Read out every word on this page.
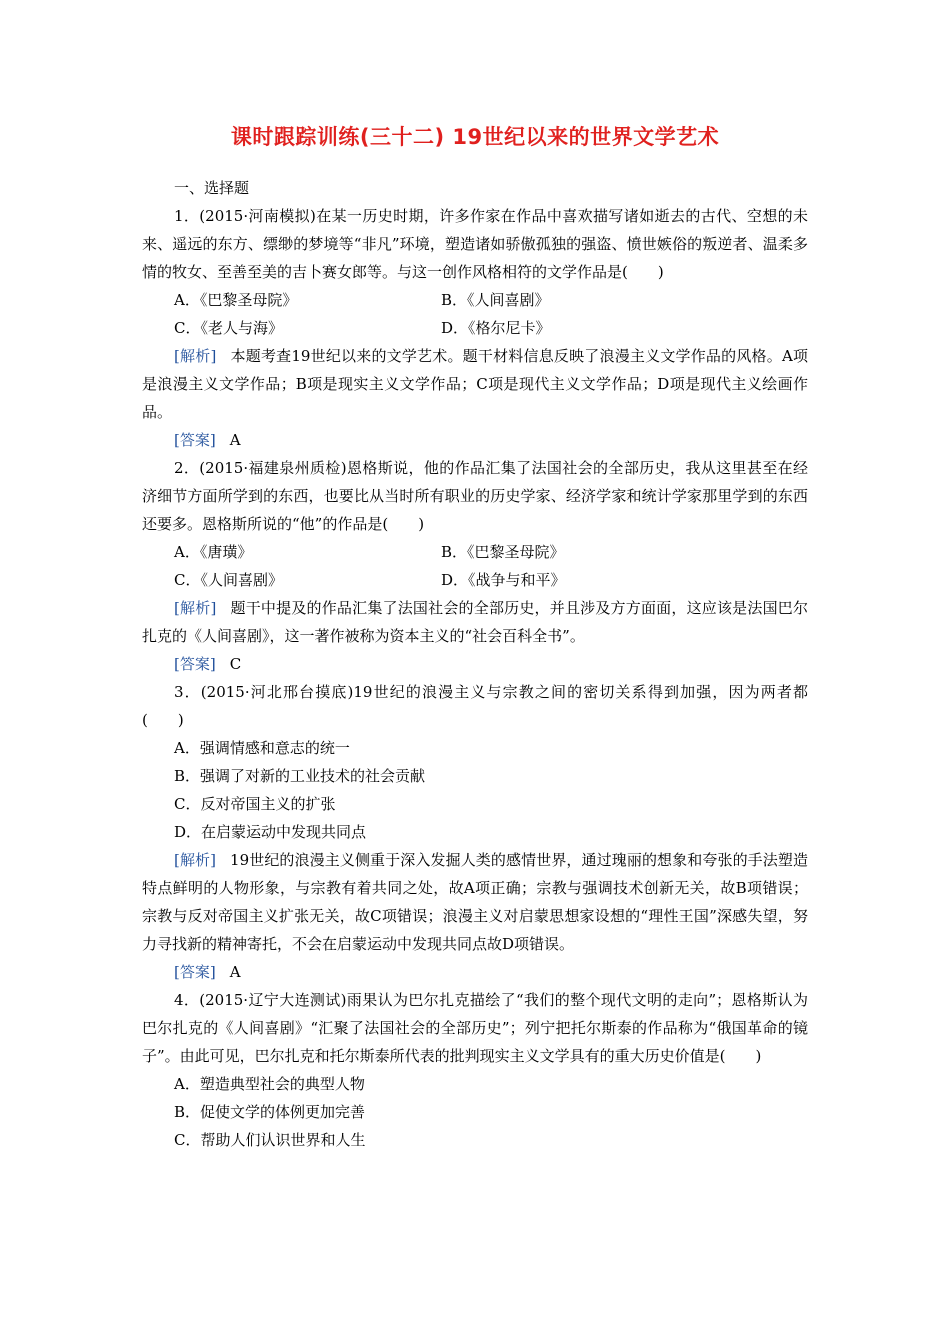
课时跟踪训练(三十二) 19世纪以来的世界文学艺术
一、选择题

1．(2015·河南模拟)在某一历史时期，许多作家在作品中喜欢描写诸如逝去的古代、空想的未来、遥远的东方、缥缈的梦境等“非凡”环境，塑造诸如骄傲孤独的强盗、愤世嫉俗的叛逆者、温柔多情的牧女、至善至美的吉卜赛女郎等。与这一创作风格相符的文学作品是(　　)

A．《巴黎圣母院》	B．《人间喜剧》
C．《老人与海》	D．《格尔尼卡》

[解析] 本题考查19世纪以来的文学艺术。题干材料信息反映了浪漫主义文学作品的风格。A项是浪漫主义文学作品；B项是现实主义文学作品；C项是现代主义文学作品；D项是现代主义绘画作品。

[答案] A

2．(2015·福建泉州质检)恩格斯说，他的作品汇集了法国社会的全部历史，我从这里甚至在经济细节方面所学到的东西，也要比从当时所有职业的历史学家、经济学家和统计学家那里学到的东西还要多。恩格斯所说的“他”的作品是(　　)

A．《唐璜》	B．《巴黎圣母院》
C．《人间喜剧》	D．《战争与和平》

[解析] 题干中提及的作品汇集了法国社会的全部历史，并且涉及方方面面，这应该是法国巴尔扎克的《人间喜剧》，这一著作被称为资本主义的“社会百科全书”。

[答案] C

3．(2015·河北邢台摸底)19世纪的浪漫主义与宗教之间的密切关系得到加强，因为两者都(　　)

A．强调情感和意志的统一
B．强调了对新的工业技术的社会贡献
C．反对帝国主义的扩张
D．在启蒙运动中发现共同点

[解析] 19世纪的浪漫主义侧重于深入发掘人类的感情世界，通过瑰丽的想象和夸张的手法塑造特点鲜明的人物形象，与宗教有着共同之处，故A项正确；宗教与强调技术创新无关，故B项错误；宗教与反对帝国主义扩张无关，故C项错误；浪漫主义对启蒙思想家设想的“理性王国”深感失望，努力寻找新的精神寄托，不会在启蒙运动中发现共同点故D项错误。

[答案] A

4．(2015·辽宁大连测试)雨果认为巴尔扎克描绘了“我们的整个现代文明的走向”；恩格斯认为巴尔扎克的《人间喜剧》“汇聚了法国社会的全部历史”；列宁把托尔斯泰的作品称为“俄国革命的镜子”。由此可见，巴尔扎克和托尔斯泰所代表的批判现实主义文学具有的重大历史价值是(　　)

A．塑造典型社会的典型人物
B．促使文学的体例更加完善
C．帮助人们认识世界和人生
